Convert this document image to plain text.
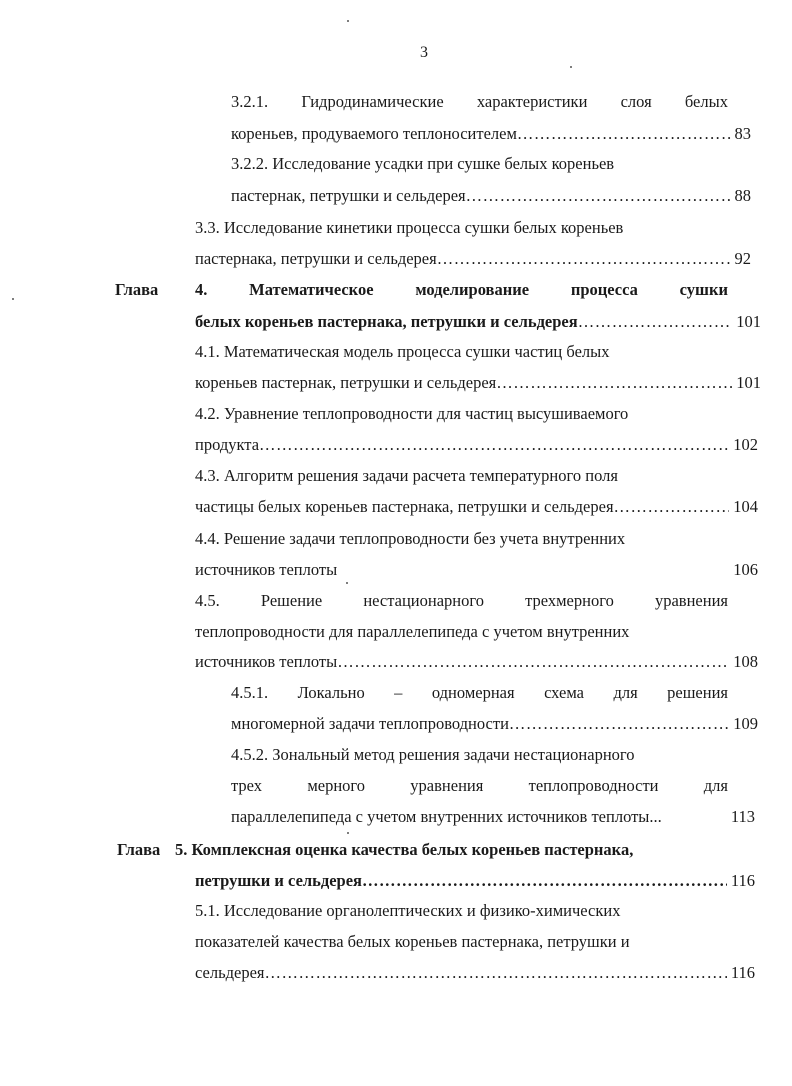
3
3.2.1. Гидродинамические характеристики слоя белых
кореньев, продуваемого теплоносителем ……………………………………………………………………………………………………………………………………………………………………………………………	83
3.2.2. Исследование усадки при сушке белых кореньев
пастернак, петрушки и сельдерея ……………………………………………………………………………………………………………………………………………………………………………………………	88
3.3. Исследование кинетики процесса сушки белых кореньев
пастернака, петрушки и сельдерея ……………………………………………………………………………………………………………………………………………………………………………………………	92
Глава 4.	Математическое	моделирование	процесса	сушки
белых кореньев пастернака, петрушки и сельдерея ……………………………………………………………………………………………………………………………………………………………………………………………	101
4.1. Математическая модель процесса сушки частиц белых
кореньев пастернак, петрушки и сельдерея ……………………………………………………………………………………………………………………………………………………………………………………………	101
4.2. Уравнение теплопроводности для частиц высушиваемого
продукта ……………………………………………………………………………………………………………………………………………………………………………………………	102
4.3. Алгоритм решения задачи расчета температурного поля
частицы белых кореньев пастернака, петрушки и сельдерея ……………………………………………………………………………………………………………………………………………………………………………………………	104
4.4. Решение задачи теплопроводности без учета внутренних
источников теплоты	106
4.5. Решение нестационарного трехмерного уравнения
теплопроводности для параллелепипеда с учетом внутренних
источников теплоты ……………………………………………………………………………………………………………………………………………………………………………………………	108
4.5.1. Локально – одномерная схема для решения
многомерной задачи теплопроводности ……………………………………………………………………………………………………………………………………………………………………………………………	109
4.5.2. Зональный метод решения задачи нестационарного
трех	мерного	уравнения	теплопроводности	для
параллелепипеда с учетом внутренних источников теплоты...	113
Глава 5. Комплексная оценка качества белых кореньев пастернака,
петрушки и сельдерея ……………………………………………………………………………………………………………………………………………………………………………………………	116
5.1. Исследование органолептических и физико-химических
показателей качества белых кореньев пастернака, петрушки и
сельдерея ……………………………………………………………………………………………………………………………………………………………………………………………	116
